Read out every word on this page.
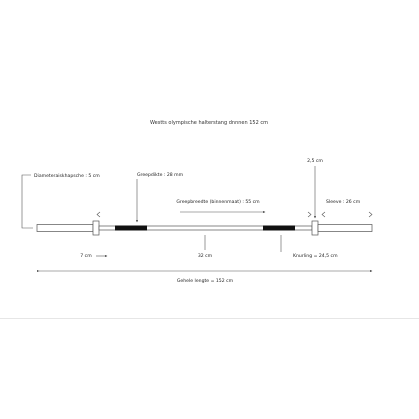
Westts olympische halterstang dnnnen 152 cm
Diameteraiskhapsche : 5 cm	Greepdikte : 28 mm
Greepbreedte (binnenmaat) : 55 cm
2,5 cm
Sleeve : 26 cm
7 cm	32 cm	Knurling = 24,5 cm
Gehele lengte = 152 cm
